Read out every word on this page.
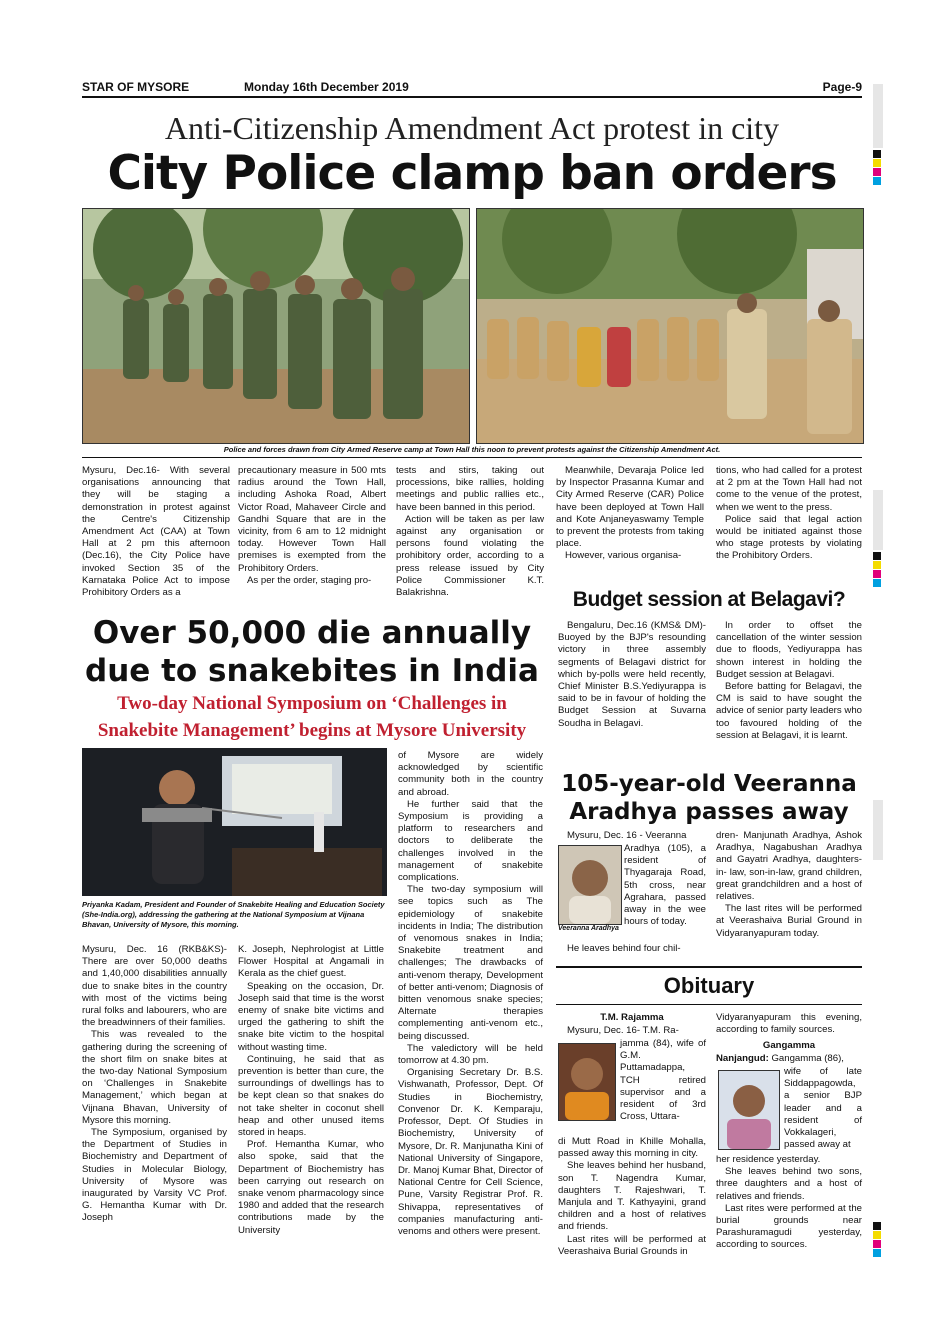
STAR OF MYSORE	Monday 16th December 2019	Page-9
Anti-Citizenship Amendment Act protest in city
City Police clamp ban orders
Police and forces drawn from City Armed Reserve camp at Town Hall this noon to prevent protests against the Citizenship Amendment Act.

Mysuru, Dec.16- With several organisations announcing that they will be staging a demonstration in protest against the Centre's Citizenship Amendment Act (CAA) at Town Hall at 2 pm this afternoon (Dec.16), the City Police have invoked Section 35 of the Karnataka Police Act to impose Prohibitory Orders as a

precautionary measure in 500 mts radius around the Town Hall, including Ashoka Road, Albert Victor Road, Mahaveer Circle and Gandhi Square that are in the vicinity, from 6 am to 12 midnight today. However Town Hall premises is exempted from the Prohibitory Orders.

As per the order, staging pro-

tests and stirs, taking out processions, bike rallies, holding meetings and public rallies etc., have been banned in this period.

Action will be taken as per law against any organisation or persons found violating the prohibitory order, according to a press release issued by City Police Commissioner K.T. Balakrishna.

Meanwhile, Devaraja Police led by Inspector Prasanna Kumar and City Armed Reserve (CAR) Police have been deployed at Town Hall and Kote Anjaneyaswamy Temple to prevent the protests from taking place.

However, various organisa-

tions, who had called for a protest at 2 pm at the Town Hall had not come to the venue of the protest, when we went to the press.

Police said that legal action would be initiated against those who stage protests by violating the Prohibitory Orders.

Over 50,000 die annually
due to snakebites in India
Two-day National Symposium on ‘Challenges in
Snakebite Management’ begins at Mysore University
Priyanka Kadam, President and Founder of Snakebite Healing and Education Society (She-India.org), addressing the gathering at the National Symposium at Vijnana Bhavan, University of Mysore, this morning.

Mysuru, Dec. 16 (RKB&KS)- There are over 50,000 deaths and 1,40,000 disabilities annually due to snake bites in the country with most of the victims being rural folks and labourers, who are the breadwinners of their families.

This was revealed to the gathering during the screening of the short film on snake bites at the two-day National Symposium on ‘Challenges in Snakebite Management,’ which began at Vijnana Bhavan, University of Mysore this morning.

The Symposium, organised by the Department of Studies in Biochemistry and Department of Studies in Molecular Biology, University of Mysore was inaugurated by Varsity VC Prof. G. Hemantha Kumar with Dr. Joseph

K. Joseph, Nephrologist at Little Flower Hospital at Angamali in Kerala as the chief guest.

Speaking on the occasion, Dr. Joseph said that time is the worst enemy of snake bite victims and urged the gathering to shift the snake bite victim to the hospital without wasting time.

Continuing, he said that as prevention is better than cure, the surroundings of dwellings has to be kept clean so that snakes do not take shelter in coconut shell heap and other unused items stored in heaps.

Prof. Hemantha Kumar, who also spoke, said that the Department of Biochemistry has been carrying out research on snake venom pharmacology since 1980 and added that the research contributions made by the University

of Mysore are widely acknowledged by scientific community both in the country and abroad.

He further said that the Symposium is providing a platform to researchers and doctors to deliberate the challenges involved in the management of snakebite complications.

The two-day symposium will see topics such as The epidemiology of snakebite incidents in India; The distribution of venomous snakes in India; Snakebite treatment and challenges; The drawbacks of anti-venom therapy, Development of better anti-venom; Diagnosis of bitten venomous snake species; Alternate therapies complementing anti-venom etc., being discussed.

The valedictory will be held tomorrow at 4.30 pm.

Organising Secretary Dr. B.S. Vishwanath, Professor, Dept. Of Studies in Biochemistry, Convenor Dr. K. Kemparaju, Professor, Dept. Of Studies in Biochemistry, University of Mysore, Dr. R. Manjunatha Kini of National University of Singapore, Dr. Manoj Kumar Bhat, Director of National Centre for Cell Science, Pune, Varsity Registrar Prof. R. Shivappa, representatives of companies manufacturing anti-venoms and others were present.

Budget session at Belagavi?

Bengaluru, Dec.16 (KMS& DM)- Buoyed by the BJP's resounding victory in three assembly segments of Belagavi district for which by-polls were held recently, Chief Minister B.S.Yediyurappa is said to be in favour of holding the Budget Session at Suvarna Soudha in Belagavi.

In order to offset the cancellation of the winter session due to floods, Yediyurappa has shown interest in holding the Budget session at Belagavi.

Before batting for Belagavi, the CM is said to have sought the advice of senior party leaders who too favoured holding of the session at Belagavi, it is learnt.

105-year-old Veeranna
Aradhya passes away

Mysuru, Dec. 16 - Veeranna

Veeranna Aradhya

Aradhya (105), a resident of Thyagaraja Road, 5th cross, near Agrahara, passed away in the wee hours of today.

He leaves behind four chil-

dren- Manjunath Aradhya, Ashok Aradhya, Nagabushan Aradhya and Gayatri Aradhya, daughters- in- law, son-in-law, grand children, great grandchildren and a host of relatives.

The last rites will be performed at Veerashaiva Burial Ground in Vidyaranyapuram today.

Obituary
T.M. Rajamma

Mysuru, Dec. 16- T.M. Ra-

jamma (84), wife of G.M. Puttamadappa, TCH retired supervisor and a resident of 3rd Cross, Uttara-

di Mutt Road in Khille Mohalla, passed away this morning in city.

She leaves behind her husband, son T. Nagendra Kumar, daughters T. Rajeshwari, T. Manjula and T. Kathyayini, grand children and a host of relatives and friends.

Last rites will be performed at Veerashaiva Burial Grounds in

Vidyaranyapuram this evening, according to family sources.

Gangamma

Nanjangud: Gangamma (86),

wife of late Siddappagowda, a senior BJP leader and a resident of Vokkalageri, passed away at

her residence yesterday.

She leaves behind two sons, three daughters and a host of relatives and friends.

Last rites were performed at the burial grounds near Parashuramagudi yesterday, according to sources.
